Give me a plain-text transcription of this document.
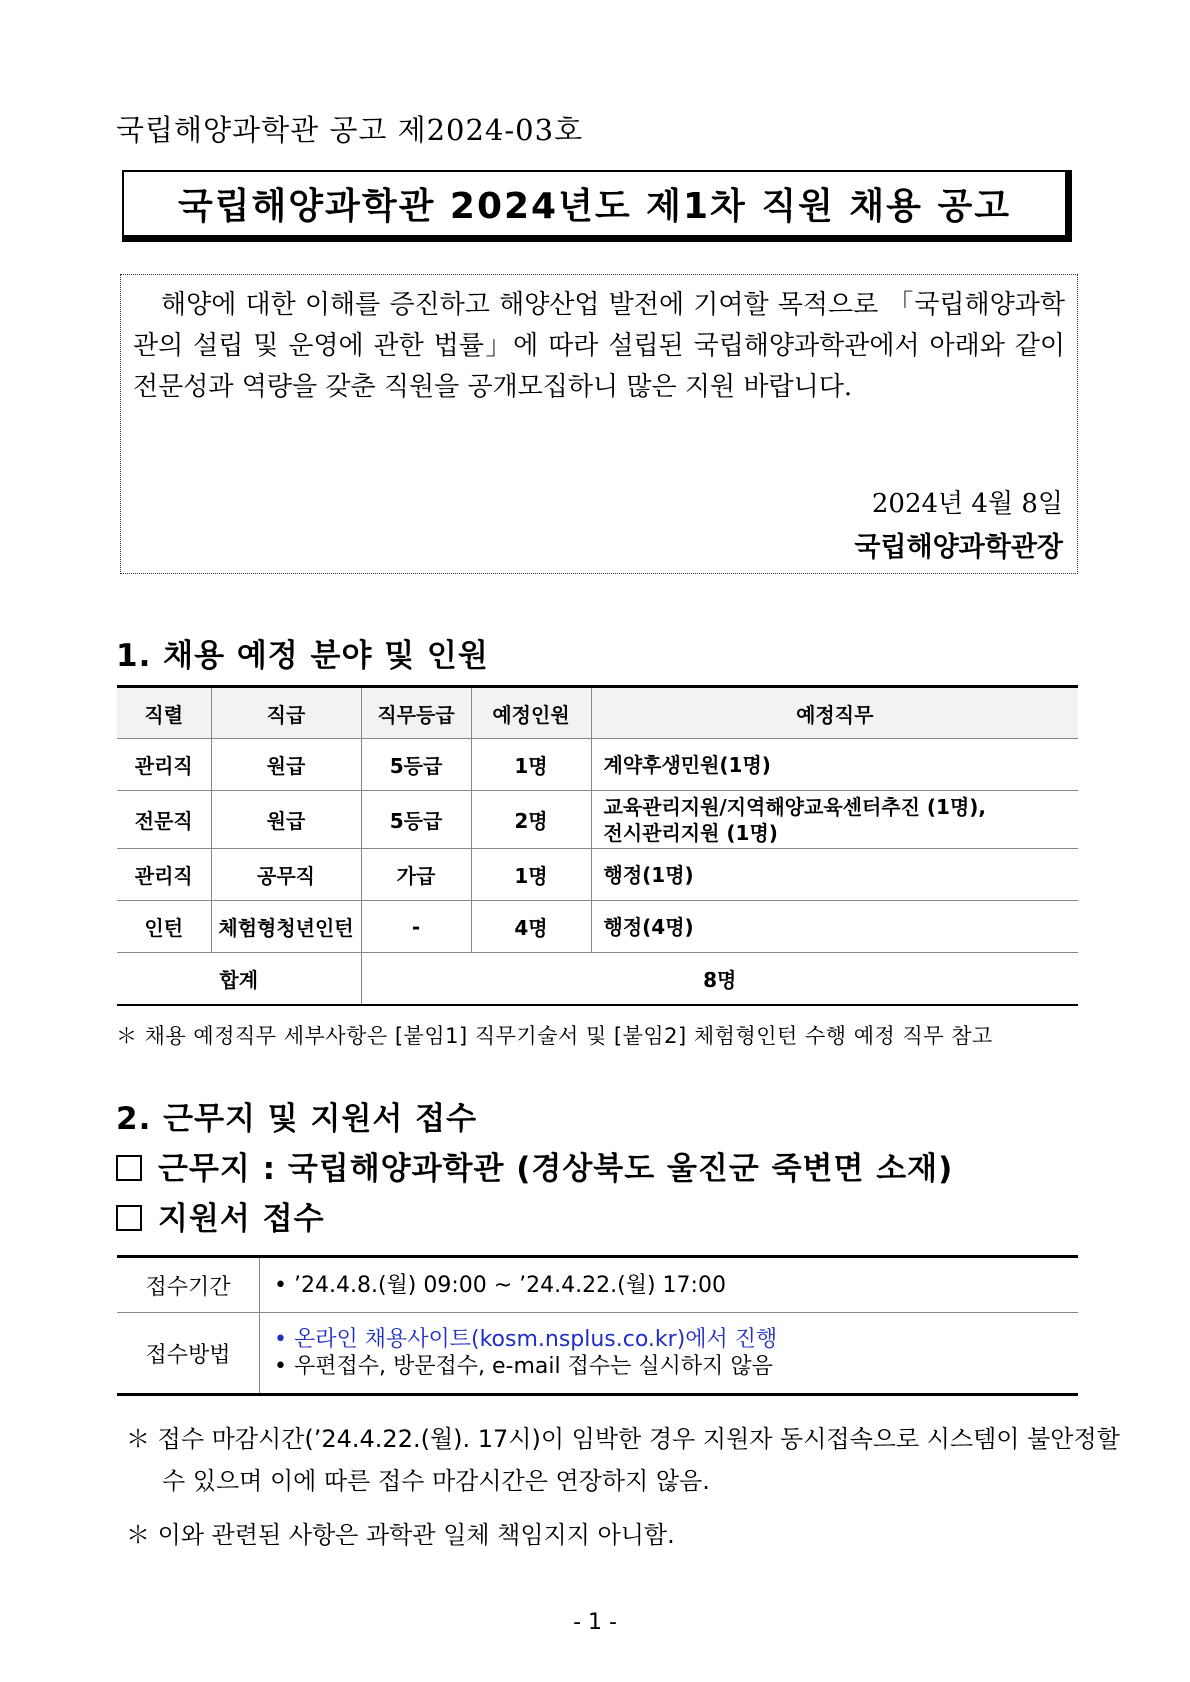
국립해양과학관 공고 제2024-03호
국립해양과학관 2024년도 제1차 직원 채용 공고

해양에 대한 이해를 증진하고 해양산업 발전에 기여할 목적으로 「국립해양과학관의 설립 및 운영에 관한 법률」에 따라 설립된 국립해양과학관에서 아래와 같이 전문성과 역량을 갖춘 직원을 공개모집하니 많은 지원 바랍니다.

2024년 4월 8일
국립해양과학관장
1. 채용 예정 분야 및 인원
직렬	직급	직무등급	예정인원	예정직무
관리직	원급	5등급	1명	계약후생민원(1명)
전문직	원급	5등급	2명	교육관리지원/지역해양교육센터추진 (1명),
전시관리지원 (1명)

관리직	공무직	가급	1명	행정(1명)
인턴	체험형청년인턴	-	4명	행정(4명)
합계		8명		
＊ 채용 예정직무 세부사항은 [붙임1] 직무기술서 및 [붙임2] 체험형인턴 수행 예정 직무 참고
2. 근무지 및 지원서 접수
근무지 : 국립해양과학관 (경상북도 울진군 죽변면 소재)
지원서 접수
접수기간	• ’24.4.8.(월) 09:00 ~ ’24.4.22.(월) 17:00
접수방법	• 온라인 채용사이트(kosm.nsplus.co.kr)에서 진행
• 우편접수, 방문접수, e-mail 접수는 실시하지 않음
＊ 접수 마감시간(’24.4.22.(월). 17시)이 임박한 경우 지원자 동시접속으로 시스템이 불안정할
수 있으며 이에 따른 접수 마감시간은 연장하지 않음.
＊ 이와 관련된 사항은 과학관 일체 책임지지 아니함.
- 1 -
